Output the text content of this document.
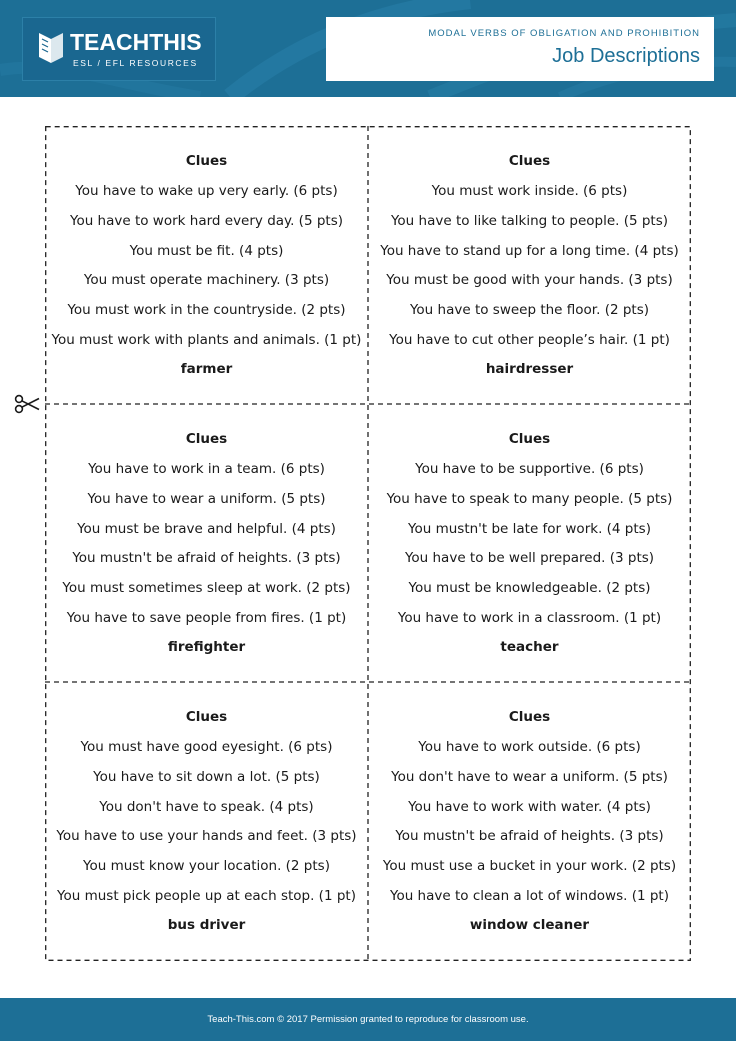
TEACHTHIS
ESL / EFL RESOURCES
MODAL VERBS OF OBLIGATION AND PROHIBITION
Job Descriptions
Clues
You have to wake up very early. (6 pts)
You have to work hard every day. (5 pts)
You must be fit. (4 pts)
You must operate machinery. (3 pts)
You must work in the countryside. (2 pts)
You must work with plants and animals. (1 pt)
farmer
Clues
You must work inside. (6 pts)
You have to like talking to people. (5 pts)
You have to stand up for a long time. (4 pts)
You must be good with your hands. (3 pts)
You have to sweep the floor. (2 pts)
You have to cut other people’s hair. (1 pt)
hairdresser
Clues
You have to work in a team. (6 pts)
You have to wear a uniform. (5 pts)
You must be brave and helpful. (4 pts)
You mustn't be afraid of heights. (3 pts)
You must sometimes sleep at work. (2 pts)
You have to save people from fires. (1 pt)
firefighter
Clues
You have to be supportive. (6 pts)
You have to speak to many people. (5 pts)
You mustn't be late for work. (4 pts)
You have to be well prepared. (3 pts)
You must be knowledgeable. (2 pts)
You have to work in a classroom. (1 pt)
teacher
Clues
You must have good eyesight. (6 pts)
You have to sit down a lot. (5 pts)
You don't have to speak. (4 pts)
You have to use your hands and feet. (3 pts)
You must know your location. (2 pts)
You must pick people up at each stop. (1 pt)
bus driver
Clues
You have to work outside. (6 pts)
You don't have to wear a uniform. (5 pts)
You have to work with water. (4 pts)
You mustn't be afraid of heights. (3 pts)
You must use a bucket in your work. (2 pts)
You have to clean a lot of windows. (1 pt)
window cleaner
Teach-This.com © 2017 Permission granted to reproduce for classroom use.
